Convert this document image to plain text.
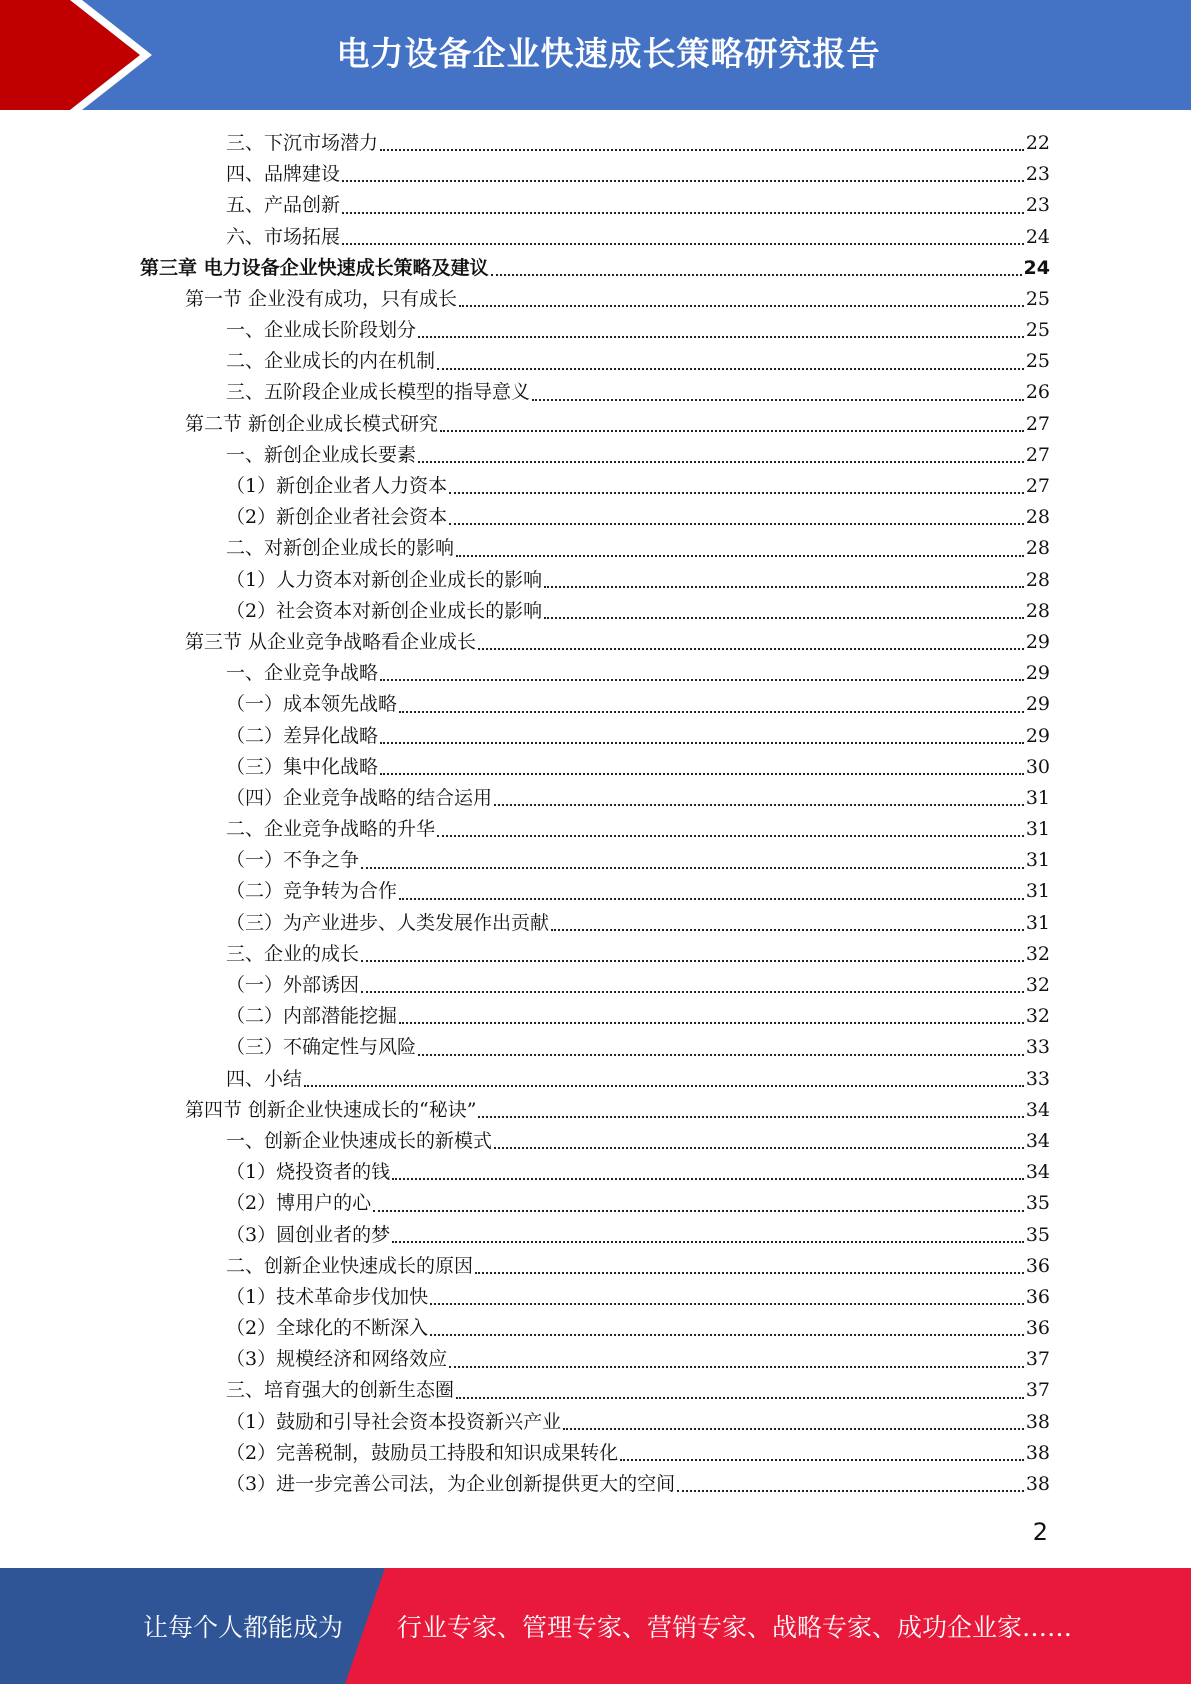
电力设备企业快速成长策略研究报告
三、下沉市场潜力	22
四、品牌建设	23
五、产品创新	23
六、市场拓展	24
第三章 电力设备企业快速成长策略及建议	24
第一节 企业没有成功，只有成长	25
一、企业成长阶段划分	25
二、企业成长的内在机制	25
三、五阶段企业成长模型的指导意义	26
第二节 新创企业成长模式研究	27
一、新创企业成长要素	27
（1）新创企业者人力资本	27
（2）新创企业者社会资本	28
二、对新创企业成长的影响	28
（1）人力资本对新创企业成长的影响	28
（2）社会资本对新创企业成长的影响	28
第三节 从企业竞争战略看企业成长	29
一、企业竞争战略	29
（一）成本领先战略	29
（二）差异化战略	29
（三）集中化战略	30
（四）企业竞争战略的结合运用	31
二、企业竞争战略的升华	31
（一）不争之争	31
（二）竞争转为合作	31
（三）为产业进步、人类发展作出贡献	31
三、企业的成长	32
（一）外部诱因	32
（二）内部潜能挖掘	32
（三）不确定性与风险	33
四、小结	33
第四节 创新企业快速成长的“秘诀”	34
一、创新企业快速成长的新模式	34
（1）烧投资者的钱	34
（2）博用户的心	35
（3）圆创业者的梦	35
二、创新企业快速成长的原因	36
（1）技术革命步伐加快	36
（2）全球化的不断深入	36
（3）规模经济和网络效应	37
三、培育强大的创新生态圈	37
（1）鼓励和引导社会资本投资新兴产业	38
（2）完善税制，鼓励员工持股和知识成果转化	38
（3）进一步完善公司法，为企业创新提供更大的空间	38
2
让每个人都能成为 行业专家、管理专家、营销专家、战略专家、成功企业家……
